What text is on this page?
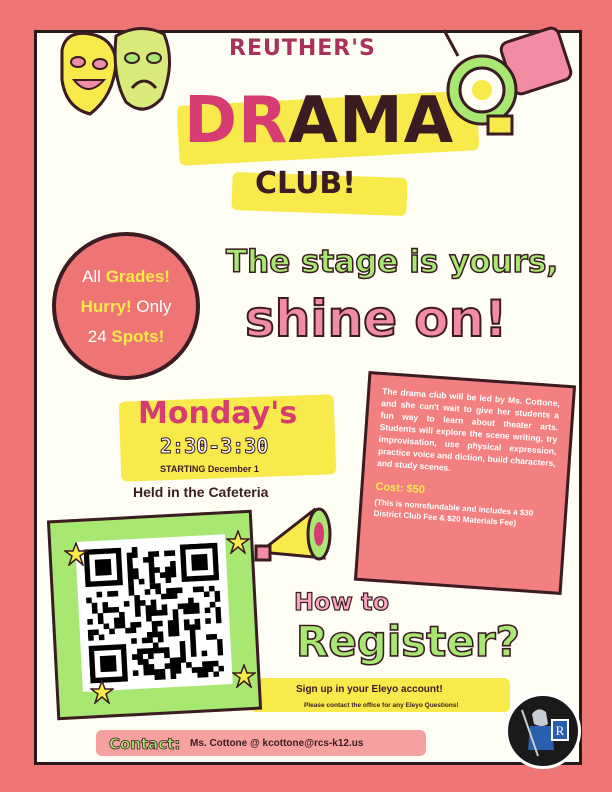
REUTHER'S
DRAMA
CLUB!
All Grades!
Hurry! Only
24 Spots!
The stage is yours,
shine on!
Monday's
2:30-3:30
STARTING December 1
Held in the Cafeteria

The drama club will be led by Ms. Cottone, and she can't wait to give her students a fun way to learn about theater arts. Students will explore the scene writing, try improvisation, use physical expression, practice voice and diction, build characters, and study scenes.

Cost: $50
(This is nonrefundable and includes a $30 District Club Fee & $20 Materials Fee)
How to
Register?
Sign up in your Eleyo account!
Please contact the office for any Eleyo Questions!
Contact: Ms. Cottone @ kcottone@rcs-k12.us
R
